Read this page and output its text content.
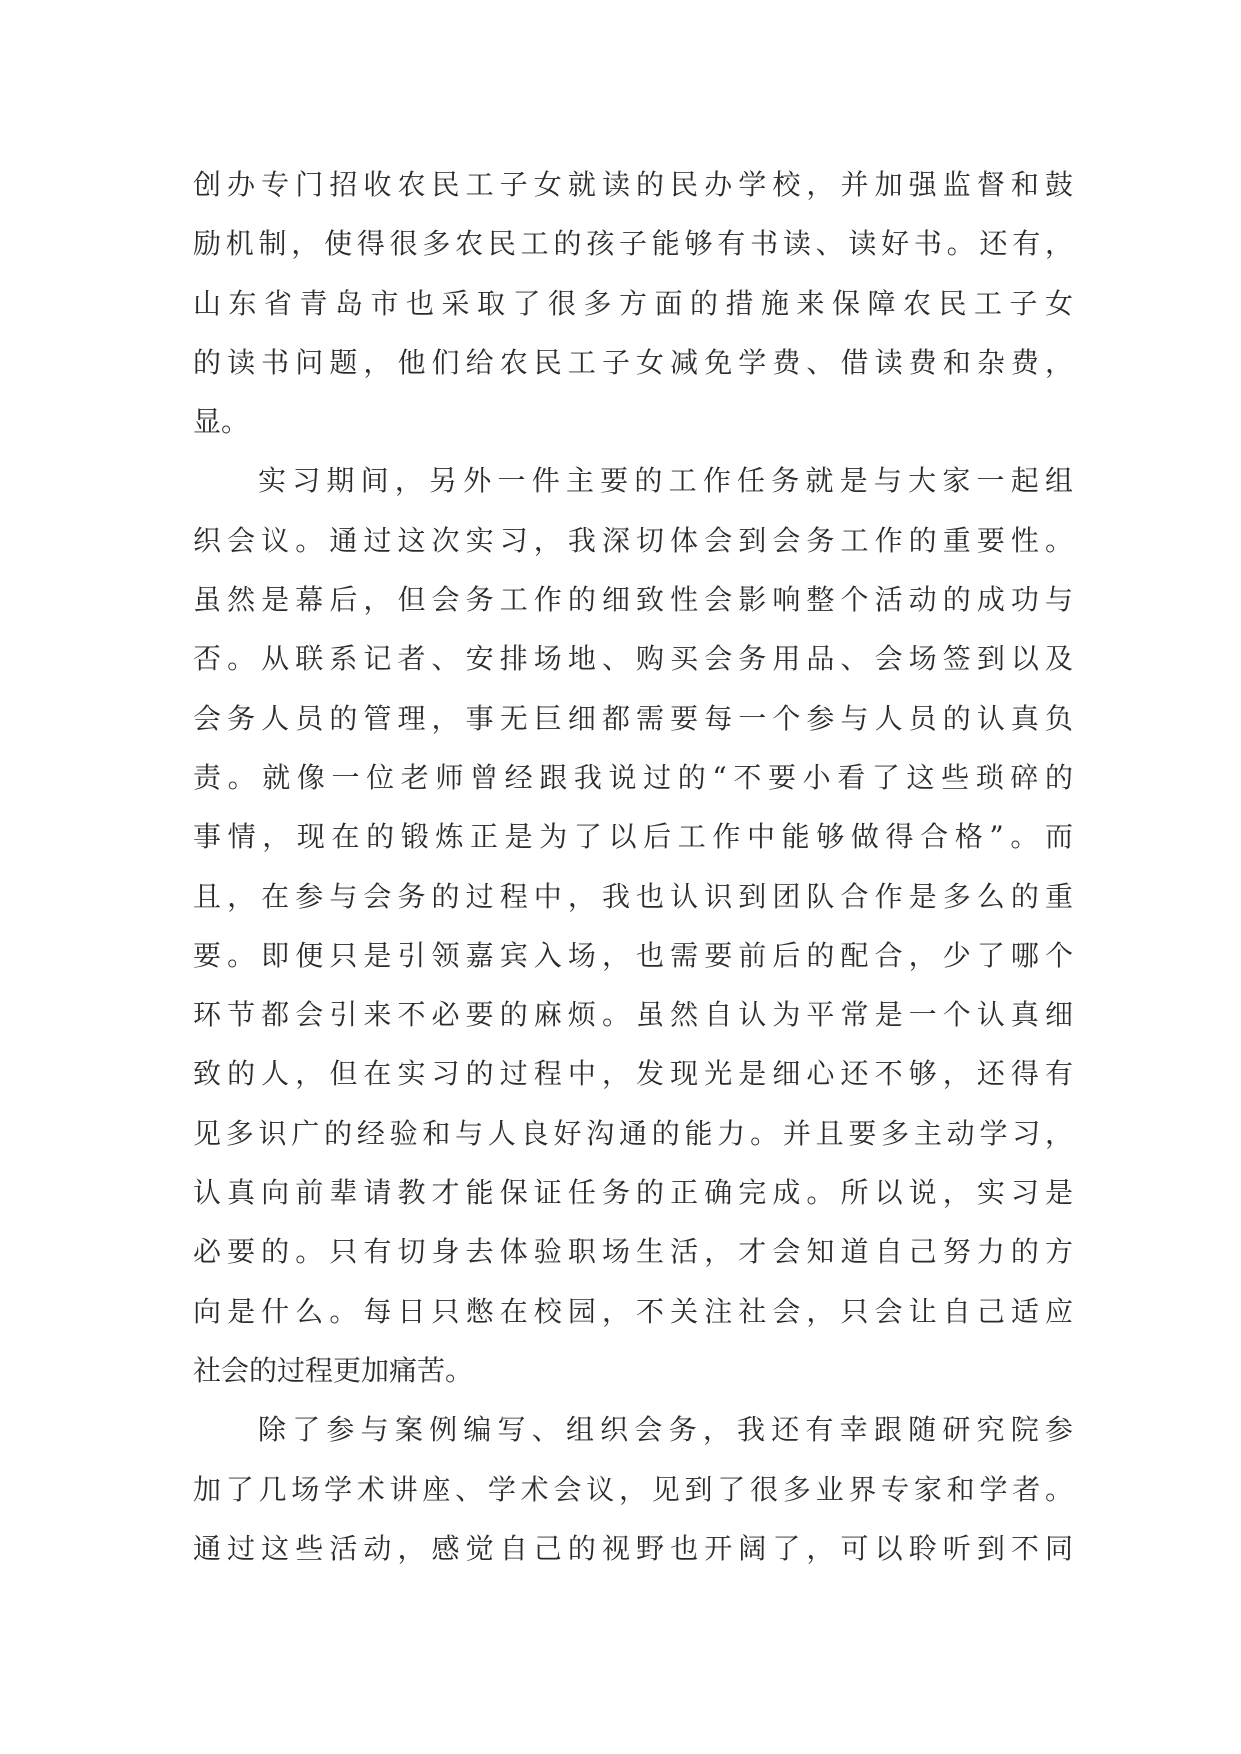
创办专门招收农民工子女就读的民办学校，并加强监督和鼓
励机制，使得很多农民工的孩子能够有书读、读好书。还有，
山东省青岛市也采取了很多方面的措施来保障农民工子女
的读书问题，他们给农民工子女减免学费、借读费和杂费，
显。
实习期间，另外一件主要的工作任务就是与大家一起组
织会议。通过这次实习，我深切体会到会务工作的重要性。
虽然是幕后，但会务工作的细致性会影响整个活动的成功与
否。从联系记者、安排场地、购买会务用品、会场签到以及
会务人员的管理，事无巨细都需要每一个参与人员的认真负
责。就像一位老师曾经跟我说过的“不要小看了这些琐碎的
事情，现在的锻炼正是为了以后工作中能够做得合格”。而
且，在参与会务的过程中，我也认识到团队合作是多么的重
要。即便只是引领嘉宾入场，也需要前后的配合，少了哪个
环节都会引来不必要的麻烦。虽然自认为平常是一个认真细
致的人，但在实习的过程中，发现光是细心还不够，还得有
见多识广的经验和与人良好沟通的能力。并且要多主动学习，
认真向前辈请教才能保证任务的正确完成。所以说，实习是
必要的。只有切身去体验职场生活，才会知道自己努力的方
向是什么。每日只憋在校园，不关注社会，只会让自己适应
社会的过程更加痛苦。
除了参与案例编写、组织会务，我还有幸跟随研究院参
加了几场学术讲座、学术会议，见到了很多业界专家和学者。
通过这些活动，感觉自己的视野也开阔了，可以聆听到不同
